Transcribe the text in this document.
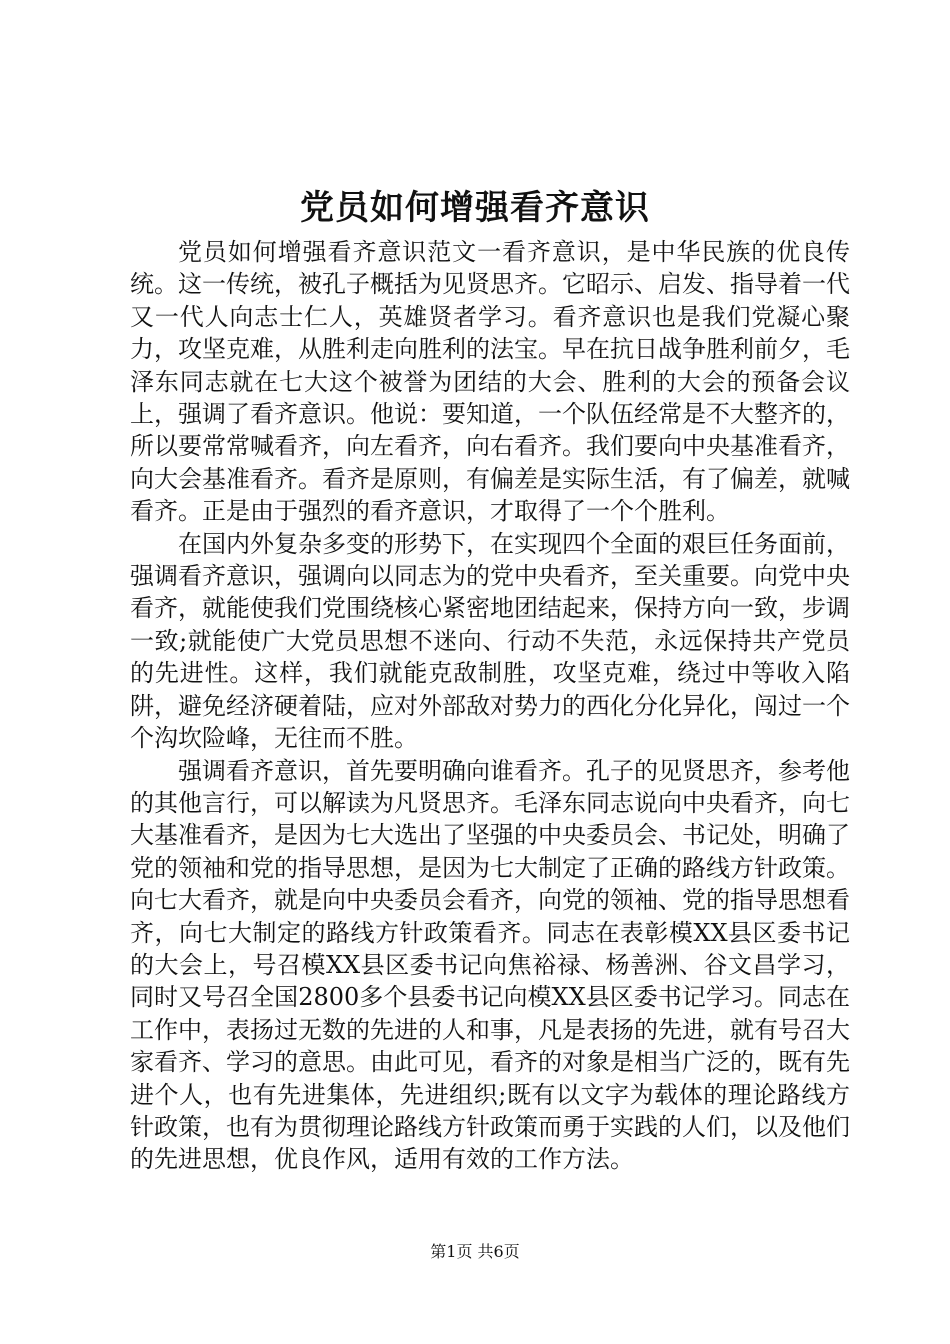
党员如何增强看齐意识

党员如何增强看齐意识范文一看齐意识，是中华民族的优良传统。这一传统，被孔子概括为见贤思齐。它昭示、启发、指导着一代又一代人向志士仁人，英雄贤者学习。看齐意识也是我们党凝心聚力，攻坚克难，从胜利走向胜利的法宝。早在抗日战争胜利前夕，毛泽东同志就在七大这个被誉为团结的大会、胜利的大会的预备会议上，强调了看齐意识。他说：要知道，一个队伍经常是不大整齐的，所以要常常喊看齐，向左看齐，向右看齐。我们要向中央基准看齐，向大会基准看齐。看齐是原则，有偏差是实际生活，有了偏差，就喊看齐。正是由于强烈的看齐意识，才取得了一个个胜利。

在国内外复杂多变的形势下，在实现四个全面的艰巨任务面前，强调看齐意识，强调向以同志为的党中央看齐，至关重要。向党中央看齐，就能使我们党围绕核心紧密地团结起来，保持方向一致，步调一致;就能使广大党员思想不迷向、行动不失范，永远保持共产党员的先进性。这样，我们就能克敌制胜，攻坚克难，绕过中等收入陷阱，避免经济硬着陆，应对外部敌对势力的西化分化异化，闯过一个个沟坎险峰，无往而不胜。

强调看齐意识，首先要明确向谁看齐。孔子的见贤思齐，参考他的其他言行，可以解读为凡贤思齐。毛泽东同志说向中央看齐，向七大基准看齐，是因为七大选出了坚强的中央委员会、书记处，明确了党的领袖和党的指导思想，是因为七大制定了正确的路线方针政策。向七大看齐，就是向中央委员会看齐，向党的领袖、党的指导思想看齐，向七大制定的路线方针政策看齐。同志在表彰模XX县区委书记的大会上，号召模XX县区委书记向焦裕禄、杨善洲、谷文昌学习，同时又号召全国2800多个县委书记向模XX县区委书记学习。同志在工作中，表扬过无数的先进的人和事，凡是表扬的先进，就有号召大家看齐、学习的意思。由此可见，看齐的对象是相当广泛的，既有先进个人，也有先进集体，先进组织;既有以文字为载体的理论路线方针政策，也有为贯彻理论路线方针政策而勇于实践的人们，以及他们的先进思想，优良作风，适用有效的工作方法。

第1页 共6页
